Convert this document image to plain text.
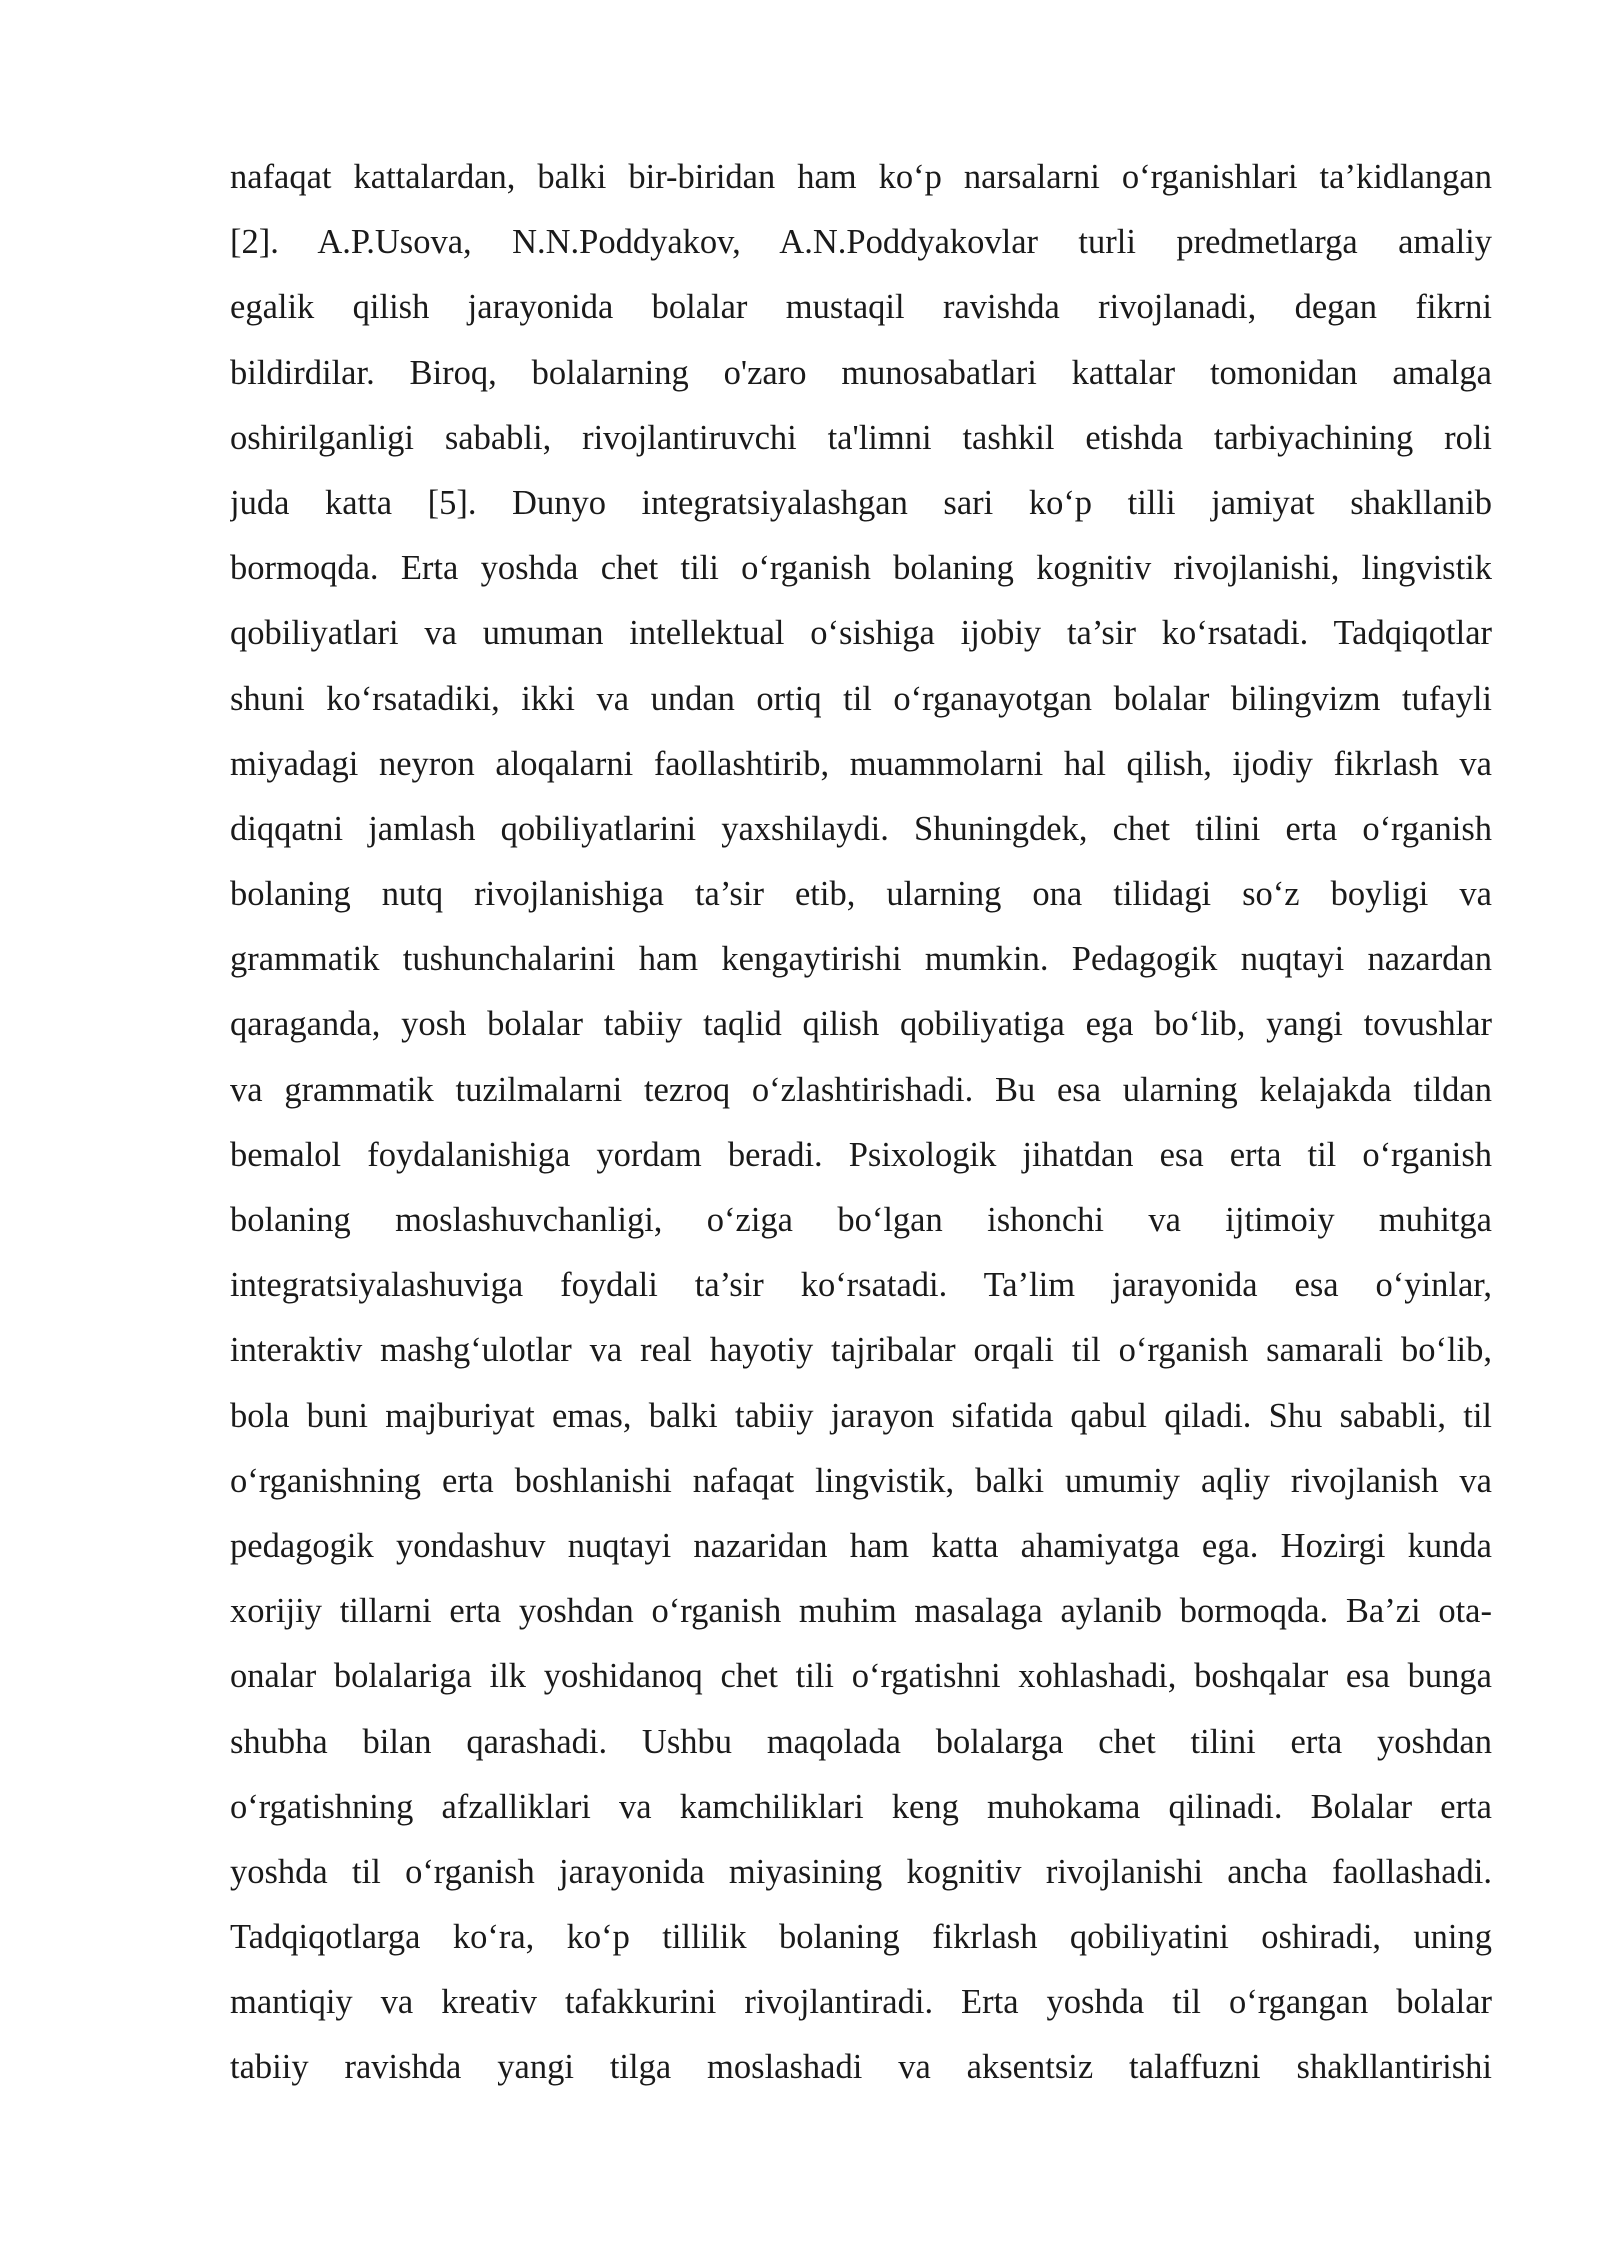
nafaqat kattalardan, balki bir-biridan ham ko‘p narsalarni o‘rganishlari ta’kidlangan
[2]. A.P.Usova, N.N.Poddyakov, A.N.Poddyakovlar turli predmetlarga amaliy
egalik qilish jarayonida bolalar mustaqil ravishda rivojlanadi, degan fikrni
bildirdilar. Biroq, bolalarning o'zaro munosabatlari kattalar tomonidan amalga
oshirilganligi sababli, rivojlantiruvchi ta'limni tashkil etishda tarbiyachining roli
juda katta [5]. Dunyo integratsiyalashgan sari ko‘p tilli jamiyat shakllanib
bormoqda. Erta yoshda chet tili o‘rganish bolaning kognitiv rivojlanishi, lingvistik
qobiliyatlari va umuman intellektual o‘sishiga ijobiy ta’sir ko‘rsatadi. Tadqiqotlar
shuni ko‘rsatadiki, ikki va undan ortiq til o‘rganayotgan bolalar bilingvizm tufayli
miyadagi neyron aloqalarni faollashtirib, muammolarni hal qilish, ijodiy fikrlash va
diqqatni jamlash qobiliyatlarini yaxshilaydi. Shuningdek, chet tilini erta o‘rganish
bolaning nutq rivojlanishiga ta’sir etib, ularning ona tilidagi so‘z boyligi va
grammatik tushunchalarini ham kengaytirishi mumkin. Pedagogik nuqtayi nazardan
qaraganda, yosh bolalar tabiiy taqlid qilish qobiliyatiga ega bo‘lib, yangi tovushlar
va grammatik tuzilmalarni tezroq o‘zlashtirishadi. Bu esa ularning kelajakda tildan
bemalol foydalanishiga yordam beradi. Psixologik jihatdan esa erta til o‘rganish
bolaning moslashuvchanligi, o‘ziga bo‘lgan ishonchi va ijtimoiy muhitga
integratsiyalashuviga foydali ta’sir ko‘rsatadi. Ta’lim jarayonida esa o‘yinlar,
interaktiv mashg‘ulotlar va real hayotiy tajribalar orqali til o‘rganish samarali bo‘lib,
bola buni majburiyat emas, balki tabiiy jarayon sifatida qabul qiladi. Shu sababli, til
o‘rganishning erta boshlanishi nafaqat lingvistik, balki umumiy aqliy rivojlanish va
pedagogik yondashuv nuqtayi nazaridan ham katta ahamiyatga ega. Hozirgi kunda
xorijiy tillarni erta yoshdan o‘rganish muhim masalaga aylanib bormoqda. Ba’zi ota-
onalar bolalariga ilk yoshidanoq chet tili o‘rgatishni xohlashadi, boshqalar esa bunga
shubha bilan qarashadi. Ushbu maqolada bolalarga chet tilini erta yoshdan
o‘rgatishning afzalliklari va kamchiliklari keng muhokama qilinadi. Bolalar erta
yoshda til o‘rganish jarayonida miyasining kognitiv rivojlanishi ancha faollashadi.
Tadqiqotlarga ko‘ra, ko‘p tillilik bolaning fikrlash qobiliyatini oshiradi, uning
mantiqiy va kreativ tafakkurini rivojlantiradi. Erta yoshda til o‘rgangan bolalar
tabiiy ravishda yangi tilga moslashadi va aksentsiz talaffuzni shakllantirishi
